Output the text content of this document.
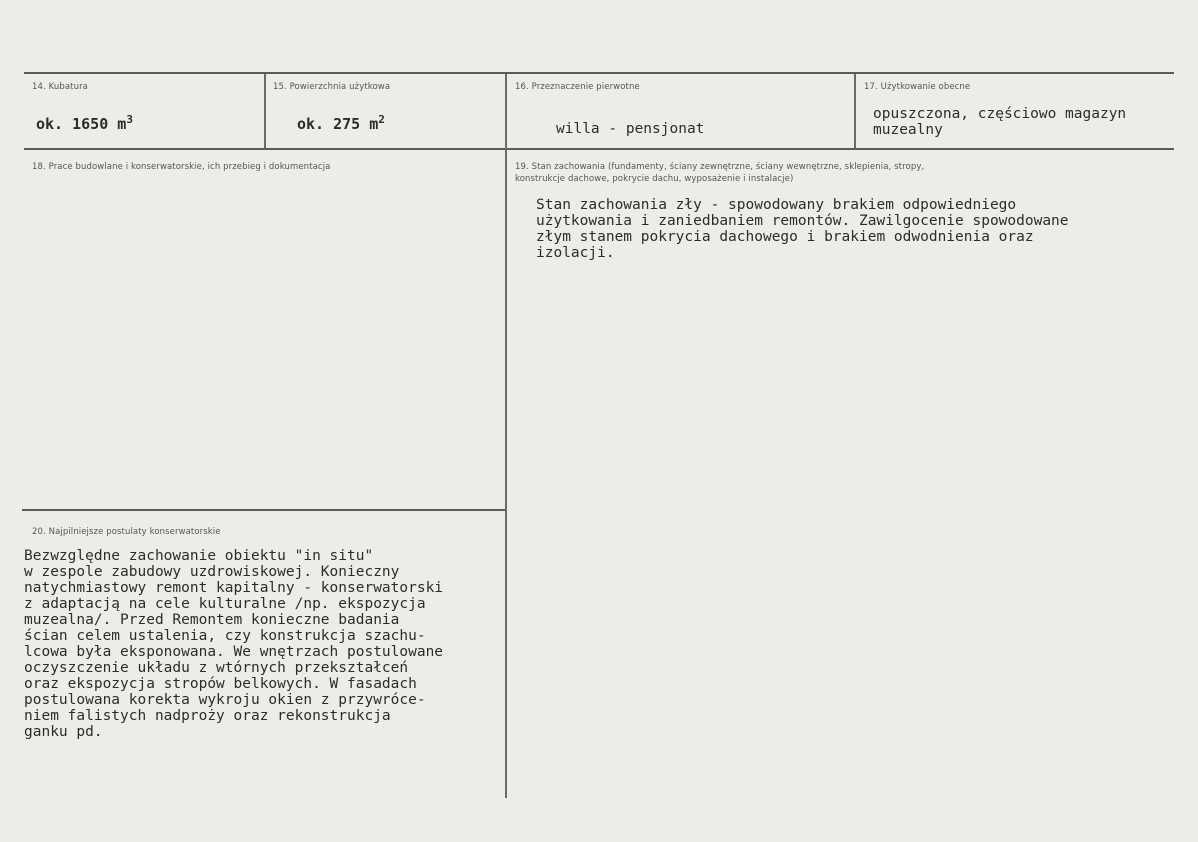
14. Kubatura
ok. 1650 $m^3$
15. Powierzchnia użytkowa
ok. 275 $m^2$
16. Przeznaczenie pierwotne
willa - pensjonat
17. Użytkowanie obecne
opuszczona, częściowo magazyn
muzealny
18. Prace budowlane i konserwatorskie, ich przebieg i dokumentacja	19. Stan zachowania (fundamenty, ściany zewnętrzne, ściany wewnętrzne, sklepienia, stropy,
konstrukcje dachowe, pokrycie dachu, wyposażenie i instalacje)
Stan zachowania zły - spowodowany brakiem odpowiedniego
użytkowania i zaniedbaniem remontów. Zawilgocenie spowodowane
złym stanem pokrycia dachowego i brakiem odwodnienia oraz
izolacji.
20. Najpilniejsze postulaty konserwatorskie
Bezwzględne zachowanie obiektu "in situ"
w zespole zabudowy uzdrowiskowej. Konieczny
natychmiastowy remont kapitalny - konserwatorski
z adaptacją na cele kulturalne /np. ekspozycja
muzealna/. Przed Remontem konieczne badania
ścian celem ustalenia, czy konstrukcja szachu-
lcowa była eksponowana. We wnętrzach postulowane
oczyszczenie układu z wtórnych przekształceń
oraz ekspozycja stropów belkowych. W fasadach
postulowana korekta wykroju okien z przywróce-
niem falistych nadproży oraz rekonstrukcja
ganku pd.
